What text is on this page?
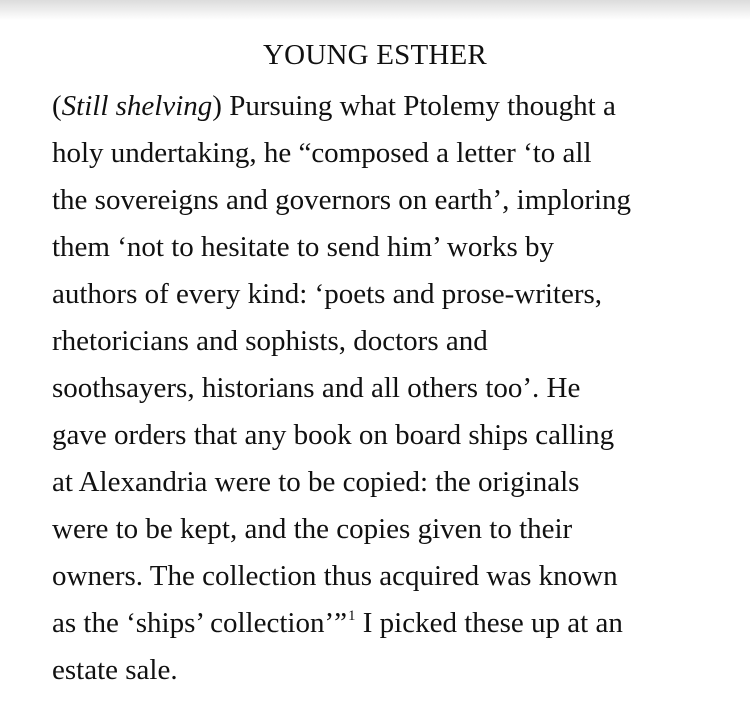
YOUNG ESTHER
(Still shelving) Pursuing what Ptolemy thought a
holy undertaking, he “composed a letter ‘to all
the sovereigns and governors on earth’, imploring
them ‘not to hesitate to send him’ works by
authors of every kind: ‘poets and prose-writers,
rhetoricians and sophists, doctors and
soothsayers, historians and all others too’. He
gave orders that any book on board ships calling
at Alexandria were to be copied: the originals
were to be kept, and the copies given to their
owners. The collection thus acquired was known
as the ‘ships’ collection’”$^1$ I picked these up at an
estate sale.
